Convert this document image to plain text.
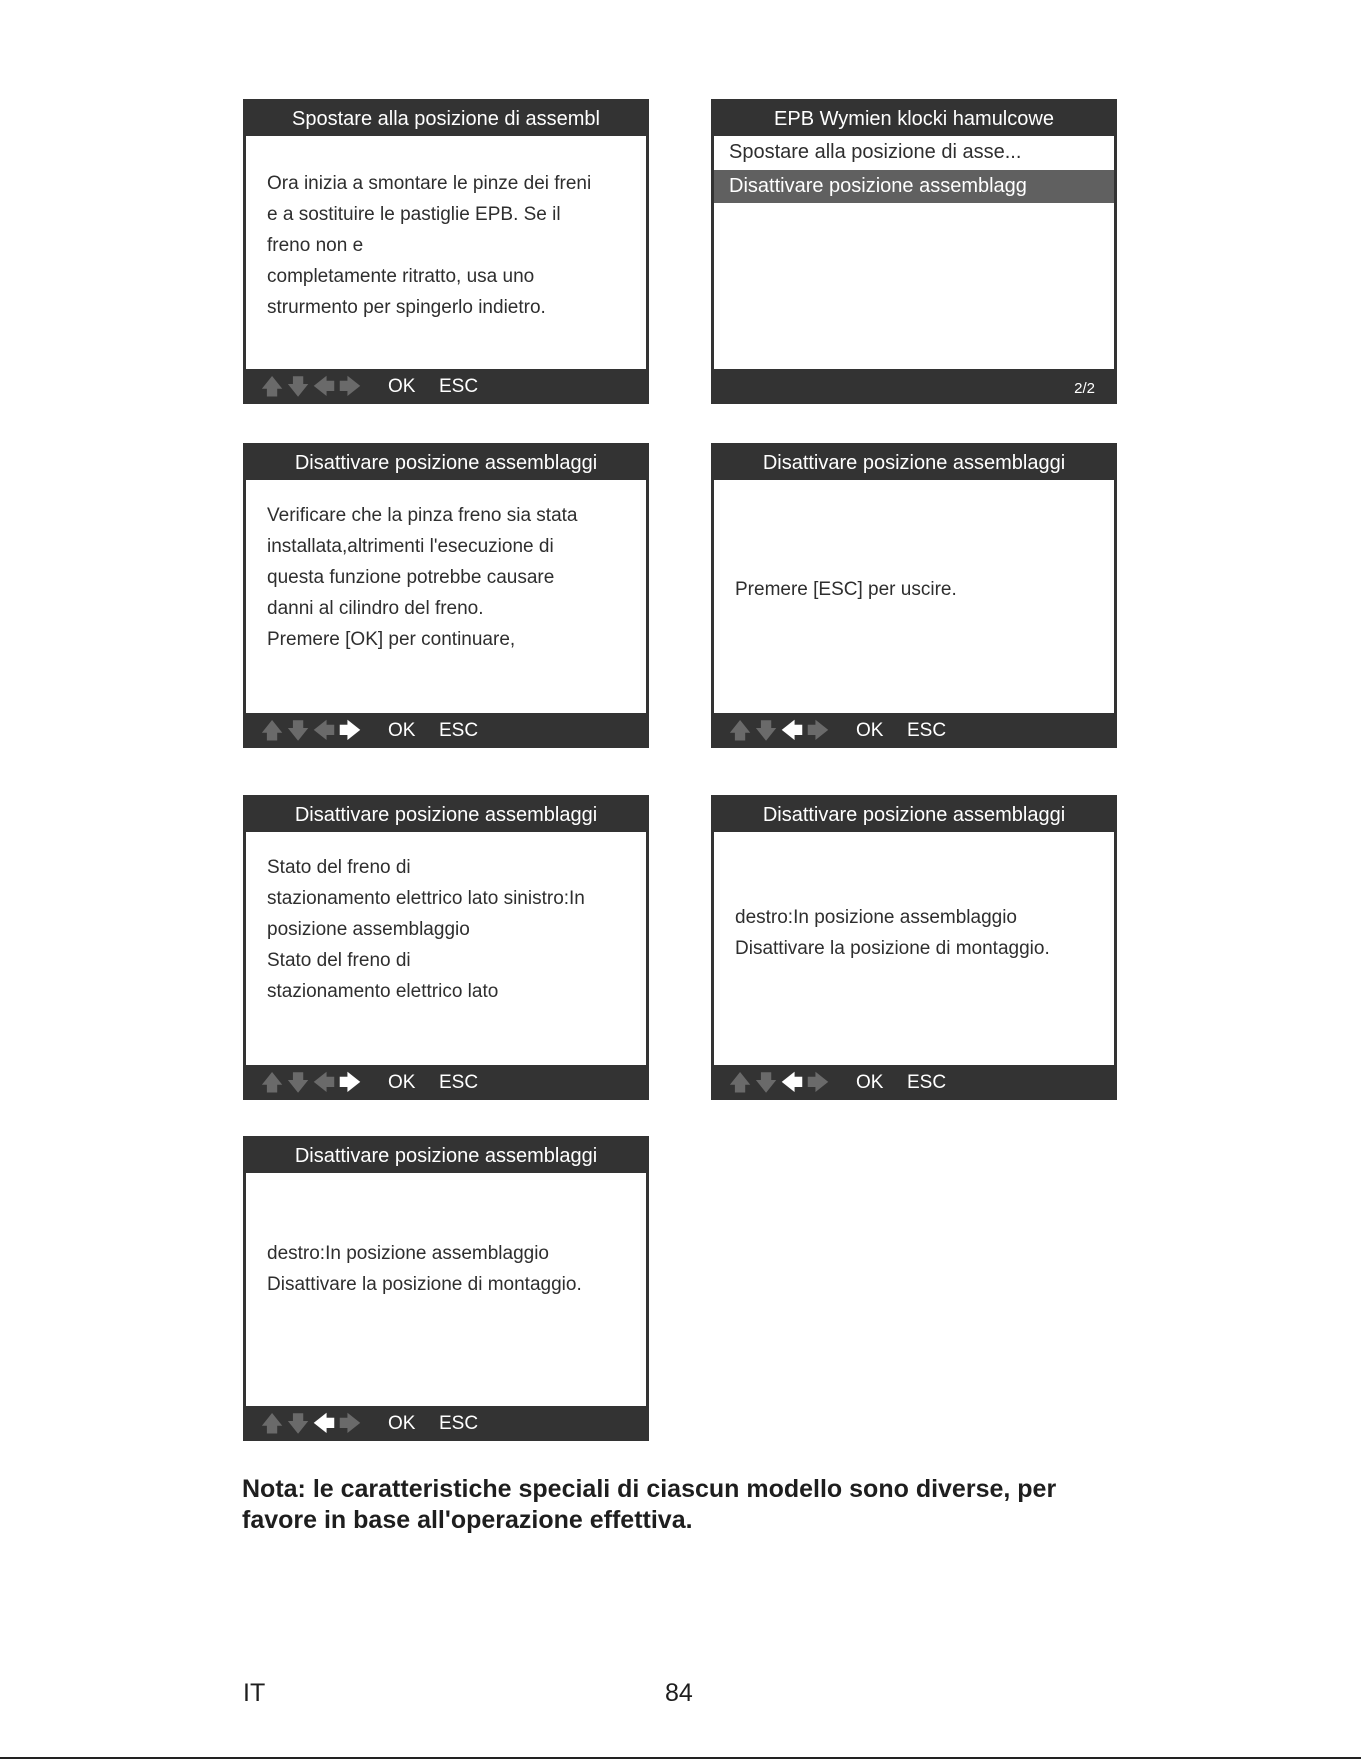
Spostare alla posizione di assembl
Ora inizia a smontare le pinze dei freni
e a sostituire le pastiglie EPB. Se il
freno non e
completamente ritratto, usa uno
strurmento per spingerlo indietro.
🡅 🡇 🡄 🡆 OK ESC
EPB Wymien klocki hamulcowe
Spostare alla posizione di asse...
Disattivare posizione assemblagg
2/2
Disattivare posizione assemblaggi
Verificare che la pinza freno sia stata
installata,altrimenti l'esecuzione di
questa funzione potrebbe causare
danni al cilindro del freno.
Premere [OK] per continuare,
🡅 🡇 🡄 🡆 OK ESC
Disattivare posizione assemblaggi
Premere [ESC] per uscire.
🡅 🡇 🡄 🡆 OK ESC
Disattivare posizione assemblaggi
Stato del freno di
stazionamento elettrico lato sinistro:In
posizione assemblaggio
Stato del freno di
stazionamento elettrico lato
🡅 🡇 🡄 🡆 OK ESC
Disattivare posizione assemblaggi
destro:In posizione assemblaggio
Disattivare la posizione di montaggio.
🡅 🡇 🡄 🡆 OK ESC
Disattivare posizione assemblaggi
destro:In posizione assemblaggio
Disattivare la posizione di montaggio.
🡅 🡇 🡄 🡆 OK ESC
Nota: le caratteristiche speciali di ciascun modello sono diverse, per
favore in base all'operazione effettiva.
IT	84
